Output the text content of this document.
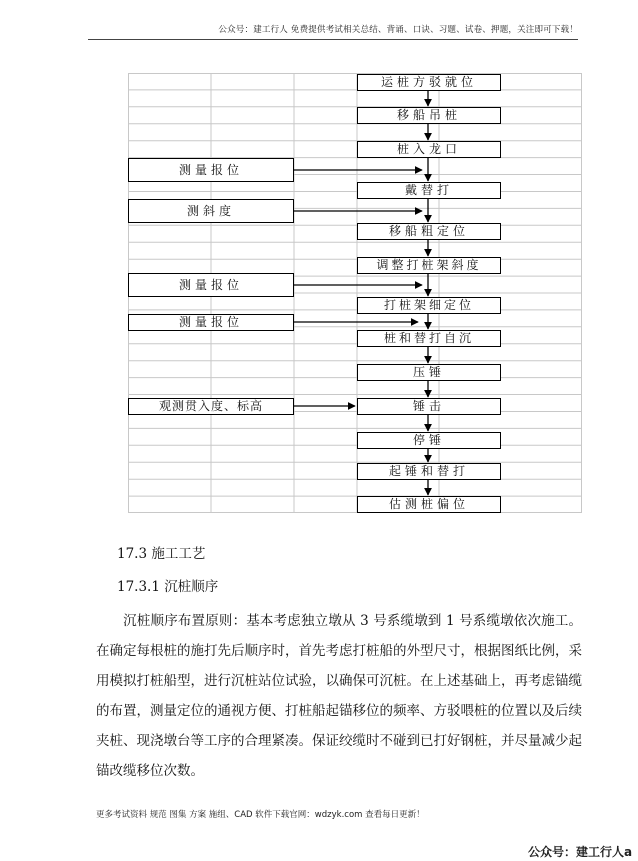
公众号：建工行人 免费提供考试相关总结、背诵、口诀、习题、试卷、押题，关注即可下载！
运桩方驳就位
移船吊桩
桩入龙口
戴替打
移船粗定位
调整打桩架斜度
打桩架细定位
桩和替打自沉
压锤
锤击
停锤
起锤和替打
估测桩偏位
测量报位
测斜度
测量报位
测量报位
观测贯入度、标高
17.3 施工工艺
17.3.1 沉桩顺序
沉桩顺序布置原则：基本考虑独立墩从 3 号系缆墩到 1 号系缆墩依次施工。在确定每根桩的施打先后顺序时，首先考虑打桩船的外型尺寸，根据图纸比例，采用模拟打桩船型，进行沉桩站位试验，以确保可沉桩。在上述基础上，再考虑锚缆的布置，测量定位的通视方便、打桩船起锚移位的频率、方驳喂桩的位置以及后续夹桩、现浇墩台等工序的合理紧凑。保证绞缆时不碰到已打好钢桩，并尽量减少起锚改缆移位次数。
更多考试资料 规范 图集 方案 施组、CAD 软件下载官网：wdzyk.com 查看每日更新！
公众号：建工行人a
